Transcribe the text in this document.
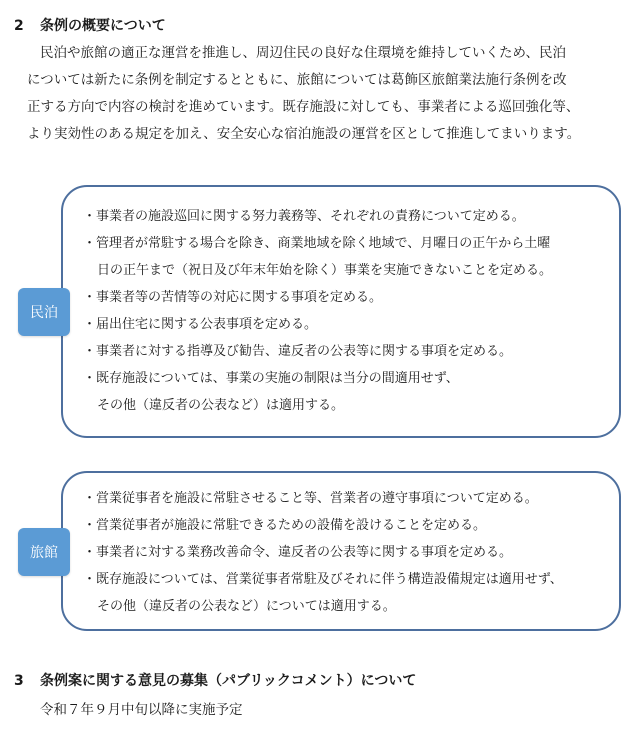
2 条例の概要について
民泊や旅館の適正な運営を推進し、周辺住民の良好な住環境を維持していくため、民泊
については新たに条例を制定するとともに、旅館については葛飾区旅館業法施行条例を改
正する方向で内容の検討を進めています。既存施設に対しても、事業者による巡回強化等、
より実効性のある規定を加え、安全安心な宿泊施設の運営を区として推進してまいります。
・事業者の施設巡回に関する努力義務等、それぞれの責務について定める。
・管理者が常駐する場合を除き、商業地域を除く地域で、月曜日の正午から土曜
日の正午まで（祝日及び年末年始を除く）事業を実施できないことを定める。
・事業者等の苦情等の対応に関する事項を定める。
・届出住宅に関する公表事項を定める。
・事業者に対する指導及び勧告、違反者の公表等に関する事項を定める。
・既存施設については、事業の実施の制限は当分の間適用せず、
その他（違反者の公表など）は適用する。
民泊
・営業従事者を施設に常駐させること等、営業者の遵守事項について定める。
・営業従事者が施設に常駐できるための設備を設けることを定める。
・事業者に対する業務改善命令、違反者の公表等に関する事項を定める。
・既存施設については、営業従事者常駐及びそれに伴う構造設備規定は適用せず、
その他（違反者の公表など）については適用する。
旅館
3 条例案に関する意見の募集（パブリックコメント）について
令和７年９月中旬以降に実施予定
